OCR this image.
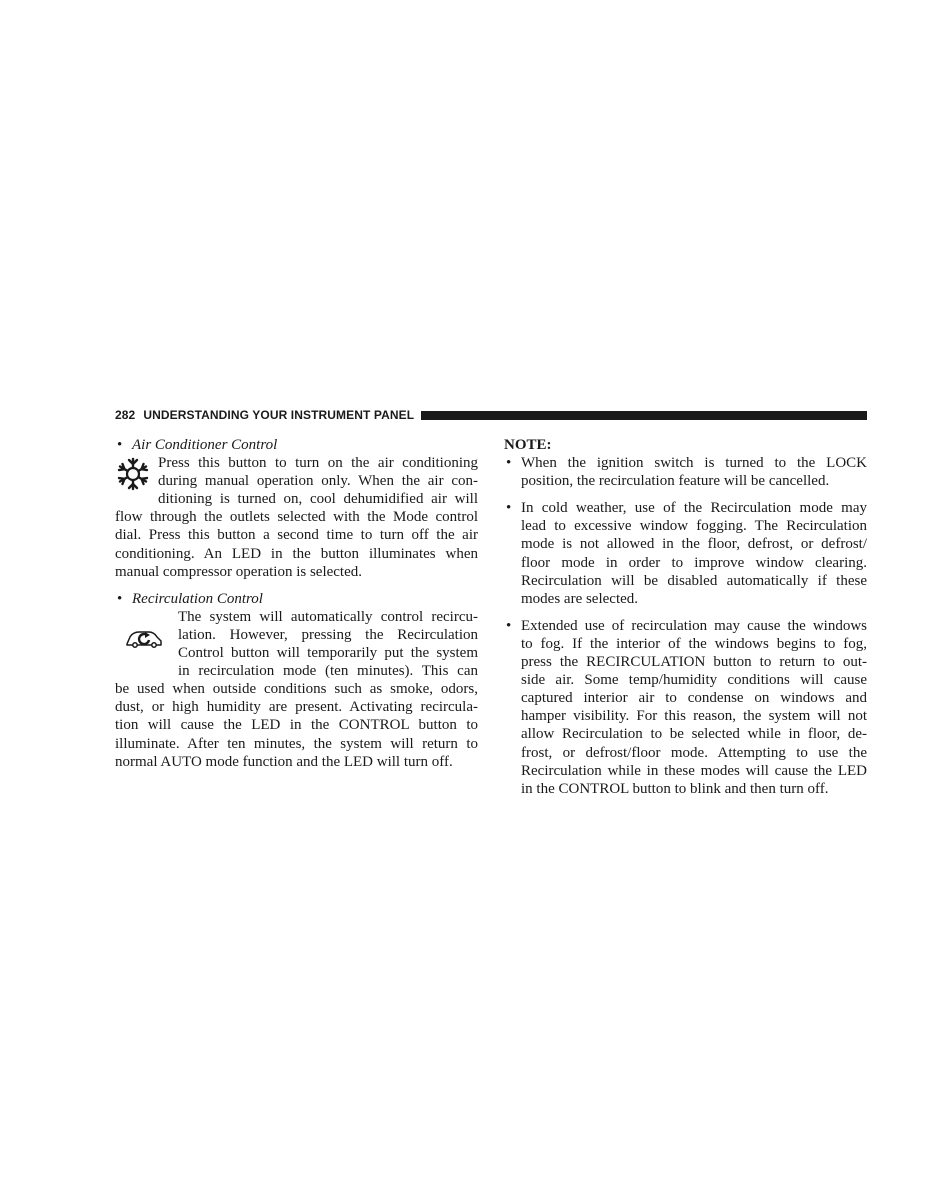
282 UNDERSTANDING YOUR INSTRUMENT PANEL
• Air Conditioner Control
Press this button to turn on the air conditioning
during manual operation only. When the air con-
ditioning is turned on, cool dehumidified air will
flow through the outlets selected with the Mode control
dial. Press this button a second time to turn off the air
conditioning. An LED in the button illuminates when
manual compressor operation is selected.
• Recirculation Control
The system will automatically control recircu-
lation. However, pressing the Recirculation
Control button will temporarily put the system
in recirculation mode (ten minutes). This can
be used when outside conditions such as smoke, odors,
dust, or high humidity are present. Activating recircula-
tion will cause the LED in the CONTROL button to
illuminate. After ten minutes, the system will return to
normal AUTO mode function and the LED will turn off.
NOTE:
• When the ignition switch is turned to the LOCK
position, the recirculation feature will be cancelled.
• In cold weather, use of the Recirculation mode may
lead to excessive window fogging. The Recirculation
mode is not allowed in the floor, defrost, or defrost/
floor mode in order to improve window clearing.
Recirculation will be disabled automatically if these
modes are selected.
• Extended use of recirculation may cause the windows
to fog. If the interior of the windows begins to fog,
press the RECIRCULATION button to return to out-
side air. Some temp/humidity conditions will cause
captured interior air to condense on windows and
hamper visibility. For this reason, the system will not
allow Recirculation to be selected while in floor, de-
frost, or defrost/floor mode. Attempting to use the
Recirculation while in these modes will cause the LED
in the CONTROL button to blink and then turn off.
